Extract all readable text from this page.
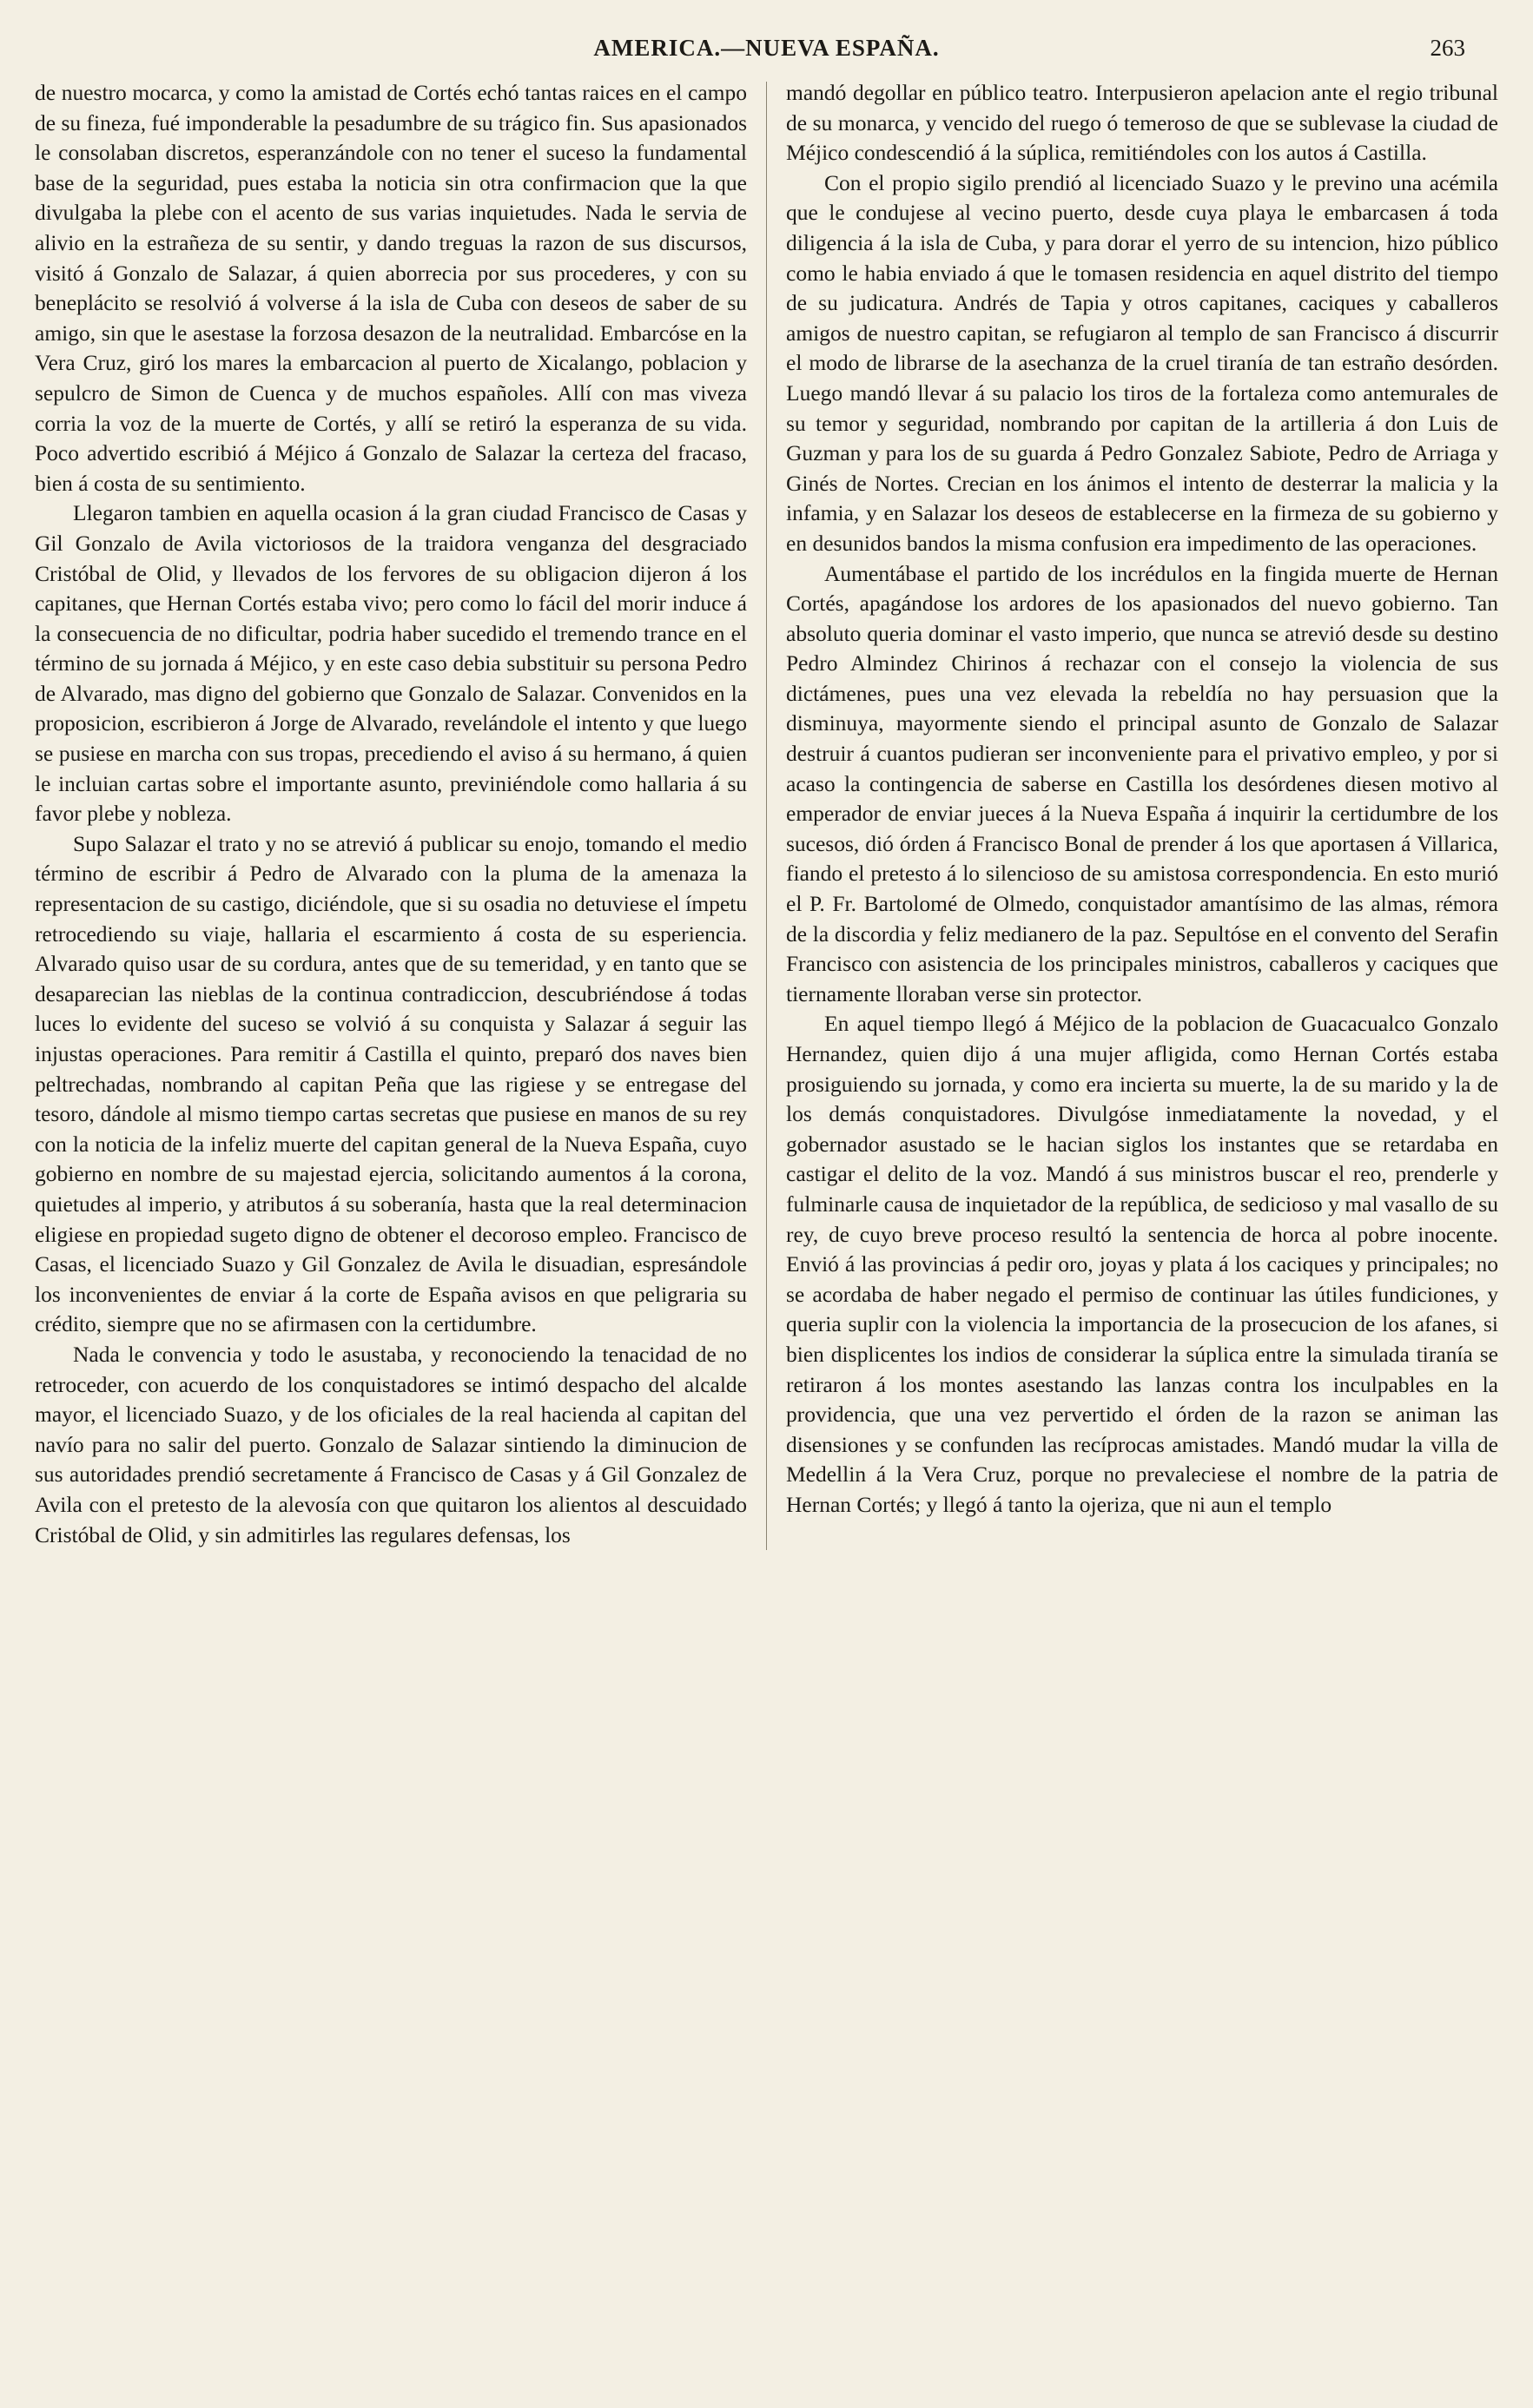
AMERICA.—NUEVA ESPAÑA.	263

de nuestro mocarca, y como la amistad de Cortés echó tantas raices en el campo de su fineza, fué imponderable la pesadumbre de su trágico fin. Sus apasionados le consolaban discretos, esperanzándole con no tener el suceso la fundamental base de la seguridad, pues estaba la noticia sin otra confirmacion que la que divulgaba la plebe con el acento de sus varias inquietudes. Nada le servia de alivio en la estrañeza de su sentir, y dando treguas la razon de sus discursos, visitó á Gonzalo de Salazar, á quien aborrecia por sus procederes, y con su beneplácito se resolvió á volverse á la isla de Cuba con deseos de saber de su amigo, sin que le asestase la forzosa desazon de la neutralidad. Embarcóse en la Vera Cruz, giró los mares la embarcacion al puerto de Xicalango, poblacion y sepulcro de Simon de Cuenca y de muchos españoles. Allí con mas viveza corria la voz de la muerte de Cortés, y allí se retiró la esperanza de su vida. Poco advertido escribió á Méjico á Gonzalo de Salazar la certeza del fracaso, bien á costa de su sentimiento.

Llegaron tambien en aquella ocasion á la gran ciudad Francisco de Casas y Gil Gonzalo de Avila victoriosos de la traidora venganza del desgraciado Cristóbal de Olid, y llevados de los fervores de su obligacion dijeron á los capitanes, que Hernan Cortés estaba vivo; pero como lo fácil del morir induce á la consecuencia de no dificultar, podria haber sucedido el tremendo trance en el término de su jornada á Méjico, y en este caso debia substituir su persona Pedro de Alvarado, mas digno del gobierno que Gonzalo de Salazar. Convenidos en la proposicion, escribieron á Jorge de Alvarado, revelándole el intento y que luego se pusiese en marcha con sus tropas, precediendo el aviso á su hermano, á quien le incluian cartas sobre el importante asunto, previniéndole como hallaria á su favor plebe y nobleza.

Supo Salazar el trato y no se atrevió á publicar su enojo, tomando el medio término de escribir á Pedro de Alvarado con la pluma de la amenaza la representacion de su castigo, diciéndole, que si su osadia no detuviese el ímpetu retrocediendo su viaje, hallaria el escarmiento á costa de su esperiencia. Alvarado quiso usar de su cordura, antes que de su temeridad, y en tanto que se desaparecian las nieblas de la continua contradiccion, descubriéndose á todas luces lo evidente del suceso se volvió á su conquista y Salazar á seguir las injustas operaciones. Para remitir á Castilla el quinto, preparó dos naves bien peltrechadas, nombrando al capitan Peña que las rigiese y se entregase del tesoro, dándole al mismo tiempo cartas secretas que pusiese en manos de su rey con la noticia de la infeliz muerte del capitan general de la Nueva España, cuyo gobierno en nombre de su majestad ejercia, solicitando aumentos á la corona, quietudes al imperio, y atributos á su soberanía, hasta que la real determinacion eligiese en propiedad sugeto digno de obtener el decoroso empleo. Francisco de Casas, el licenciado Suazo y Gil Gonzalez de Avila le disuadian, espresándole los inconvenientes de enviar á la corte de España avisos en que peligraria su crédito, siempre que no se afirmasen con la certidumbre.

Nada le convencia y todo le asustaba, y reconociendo la tenacidad de no retroceder, con acuerdo de los conquistadores se intimó despacho del alcalde mayor, el licenciado Suazo, y de los oficiales de la real hacienda al capitan del navío para no salir del puerto. Gonzalo de Salazar sintiendo la diminucion de sus autoridades prendió secretamente á Francisco de Casas y á Gil Gonzalez de Avila con el pretesto de la alevosía con que quitaron los alientos al descuidado Cristóbal de Olid, y sin admitirles las regulares defensas, los

mandó degollar en público teatro. Interpusieron apelacion ante el regio tribunal de su monarca, y vencido del ruego ó temeroso de que se sublevase la ciudad de Méjico condescendió á la súplica, remitiéndoles con los autos á Castilla.

Con el propio sigilo prendió al licenciado Suazo y le previno una acémila que le condujese al vecino puerto, desde cuya playa le embarcasen á toda diligencia á la isla de Cuba, y para dorar el yerro de su intencion, hizo público como le habia enviado á que le tomasen residencia en aquel distrito del tiempo de su judicatura. Andrés de Tapia y otros capitanes, caciques y caballeros amigos de nuestro capitan, se refugiaron al templo de san Francisco á discurrir el modo de librarse de la asechanza de la cruel tiranía de tan estraño desórden. Luego mandó llevar á su palacio los tiros de la fortaleza como antemurales de su temor y seguridad, nombrando por capitan de la artilleria á don Luis de Guzman y para los de su guarda á Pedro Gonzalez Sabiote, Pedro de Arriaga y Ginés de Nortes. Crecian en los ánimos el intento de desterrar la malicia y la infamia, y en Salazar los deseos de establecerse en la firmeza de su gobierno y en desunidos bandos la misma confusion era impedimento de las operaciones.

Aumentábase el partido de los incrédulos en la fingida muerte de Hernan Cortés, apagándose los ardores de los apasionados del nuevo gobierno. Tan absoluto queria dominar el vasto imperio, que nunca se atrevió desde su destino Pedro Almindez Chirinos á rechazar con el consejo la violencia de sus dictámenes, pues una vez elevada la rebeldía no hay persuasion que la disminuya, mayormente siendo el principal asunto de Gonzalo de Salazar destruir á cuantos pudieran ser inconveniente para el privativo empleo, y por si acaso la contingencia de saberse en Castilla los desórdenes diesen motivo al emperador de enviar jueces á la Nueva España á inquirir la certidumbre de los sucesos, dió órden á Francisco Bonal de prender á los que aportasen á Villarica, fiando el pretesto á lo silencioso de su amistosa correspondencia. En esto murió el P. Fr. Bartolomé de Olmedo, conquistador amantísimo de las almas, rémora de la discordia y feliz medianero de la paz. Sepultóse en el convento del Serafin Francisco con asistencia de los principales ministros, caballeros y caciques que tiernamente lloraban verse sin protector.

En aquel tiempo llegó á Méjico de la poblacion de Guacacualco Gonzalo Hernandez, quien dijo á una mujer afligida, como Hernan Cortés estaba prosiguiendo su jornada, y como era incierta su muerte, la de su marido y la de los demás conquistadores. Divulgóse inmediatamente la novedad, y el gobernador asustado se le hacian siglos los instantes que se retardaba en castigar el delito de la voz. Mandó á sus ministros buscar el reo, prenderle y fulminarle causa de inquietador de la república, de sedicioso y mal vasallo de su rey, de cuyo breve proceso resultó la sentencia de horca al pobre inocente. Envió á las provincias á pedir oro, joyas y plata á los caciques y principales; no se acordaba de haber negado el permiso de continuar las útiles fundiciones, y queria suplir con la violencia la importancia de la prosecucion de los afanes, si bien displicentes los indios de considerar la súplica entre la simulada tiranía se retiraron á los montes asestando las lanzas contra los inculpables en la providencia, que una vez pervertido el órden de la razon se animan las disensiones y se confunden las recíprocas amistades. Mandó mudar la villa de Medellin á la Vera Cruz, porque no prevaleciese el nombre de la patria de Hernan Cortés; y llegó á tanto la ojeriza, que ni aun el templo
